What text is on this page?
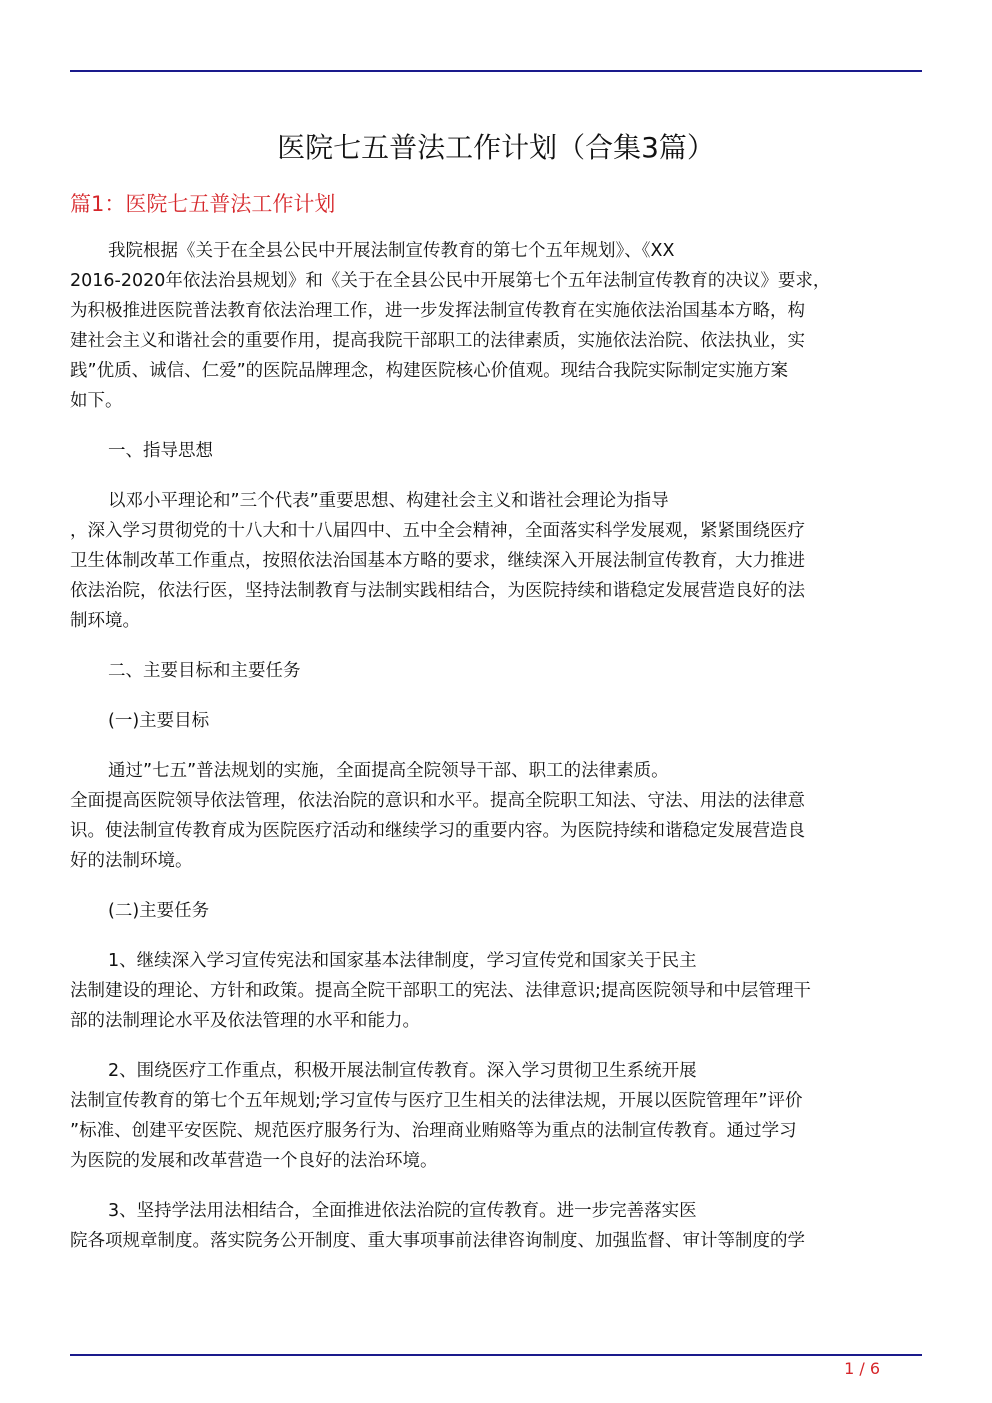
医院七五普法工作计划（合集3篇）
篇1：医院七五普法工作计划

我院根据《关于在全县公民中开展法制宣传教育的第七个五年规划》、《XX
2016-2020年依法治县规划》和《关于在全县公民中开展第七个五年法制宣传教育的决议》要求，
为积极推进医院普法教育依法治理工作，进一步发挥法制宣传教育在实施依法治国基本方略，构
建社会主义和谐社会的重要作用，提高我院干部职工的法律素质，实施依法治院、依法执业，实
践”优质、诚信、仁爱”的医院品牌理念，构建医院核心价值观。现结合我院实际制定实施方案
如下。

一、指导思想

以邓小平理论和”三个代表”重要思想、构建社会主义和谐社会理论为指导
，深入学习贯彻党的十八大和十八届四中、五中全会精神，全面落实科学发展观，紧紧围绕医疗
卫生体制改革工作重点，按照依法治国基本方略的要求，继续深入开展法制宣传教育，大力推进
依法治院，依法行医，坚持法制教育与法制实践相结合，为医院持续和谐稳定发展营造良好的法
制环境。

二、主要目标和主要任务

(一)主要目标

通过”七五”普法规划的实施，全面提高全院领导干部、职工的法律素质。
全面提高医院领导依法管理，依法治院的意识和水平。提高全院职工知法、守法、用法的法律意
识。使法制宣传教育成为医院医疗活动和继续学习的重要内容。为医院持续和谐稳定发展营造良
好的法制环境。

(二)主要任务

1、继续深入学习宣传宪法和国家基本法律制度，学习宣传党和国家关于民主
法制建设的理论、方针和政策。提高全院干部职工的宪法、法律意识;提高医院领导和中层管理干
部的法制理论水平及依法管理的水平和能力。

2、围绕医疗工作重点，积极开展法制宣传教育。深入学习贯彻卫生系统开展
法制宣传教育的第七个五年规划;学习宣传与医疗卫生相关的法律法规，开展以医院管理年”评价
”标准、创建平安医院、规范医疗服务行为、治理商业贿赂等为重点的法制宣传教育。通过学习
为医院的发展和改革营造一个良好的法治环境。

3、坚持学法用法相结合，全面推进依法治院的宣传教育。进一步完善落实医
院各项规章制度。落实院务公开制度、重大事项事前法律咨询制度、加强监督、审计等制度的学

1 / 6
